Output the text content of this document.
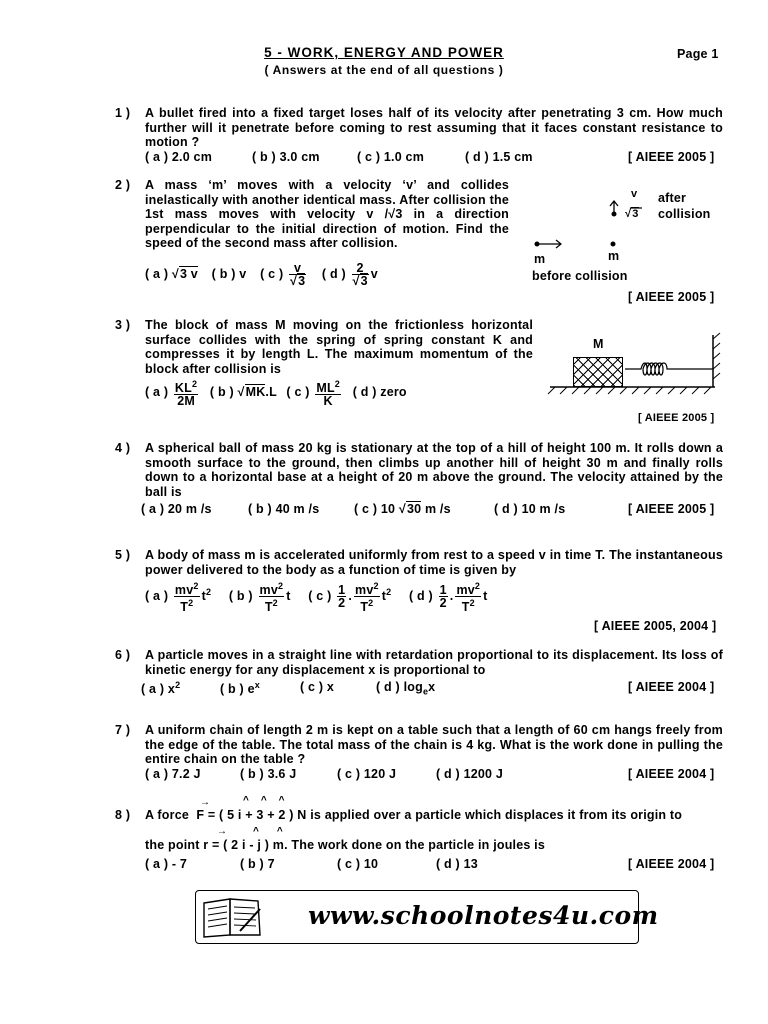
5 - WORK, ENERGY AND POWER
( Answers at the end of all questions )
Page 1
1 ) A bullet fired into a fixed target loses half of its velocity after penetrating 3 cm. How much further will it penetrate before coming to rest assuming that it faces constant resistance to motion ?
( a ) 2.0 cm	( b ) 3.0 cm	( c ) 1.0 cm	( d ) 1.5 cm	[ AIEEE 2005 ]
2 ) A mass ‘m’ moves with a velocity ‘v’ and collides inelastically with another identical mass. After collision the 1st mass moves with velocity v /√3 in a direction perpendicular to the initial direction of motion. Find the speed of the second mass after collision.
( a ) √3 v ( b ) v ( c ) $\frac{v}{√3}$ ( d ) $\frac{2}{√3}$ v
v
√3
after
collision
m	m
before collision
[ AIEEE 2005 ]
3 ) The block of mass M moving on the frictionless horizontal surface collides with the spring of spring constant K and compresses it by length L. The maximum momentum of the block after collision is
( a ) $\frac{KL^2}{2M}$ ( b ) √MK.L ( c ) $\frac{ML^2}{K}$ ( d ) zero
M
[ AIEEE 2005 ]
4 ) A spherical ball of mass 20 kg is stationary at the top of a hill of height 100 m. It rolls down a smooth surface to the ground, then climbs up another hill of height 30 m and finally rolls down to a horizontal base at a height of 20 m above the ground. The velocity attained by the ball is
( a ) 20 m /s	( b ) 40 m /s	( c ) 10 √30 m /s	( d ) 10 m /s	[ AIEEE 2005 ]
5 ) A body of mass m is accelerated uniformly from rest to a speed v in time T. The instantaneous power delivered to the body as a function of time is given by
( a ) $\frac{mv^2}{T^2} t^2$ ( b ) $\frac{mv^2}{T^2}$ t ( c ) $\frac{1}{2}$ . $\frac{mv^2}{T^2} t^2$ ( d ) $\frac{1}{2}$ . $\frac{mv^2}{T^2}$ t
[ AIEEE 2005, 2004 ]
6 ) A particle moves in a straight line with retardation proportional to its displacement. Its loss of kinetic energy for any displacement x is proportional to
( a ) $x^2$	( b ) $e^x$	( c ) x	( d ) $\log_ex$	[ AIEEE 2004 ]
7 ) A uniform chain of length 2 m is kept on a table such that a length of 60 cm hangs freely from the edge of the table. The total mass of the chain is 4 kg. What is the work done in pulling the entire chain on the table ?
( a ) 7.2 J	( b ) 3.6 J	( c ) 120 J	( d ) 1200 J	[ AIEEE 2004 ]
8 ) A force F = ( 5 i + 3 + 2 ) N is applied over a particle which displaces it from its origin to
→	^^^
the point r = ( 2 i - j ) m. The work done on the particle in joules is
→	^^
( a ) - 7	( b ) 7	( c ) 10	( d ) 13	[ AIEEE 2004 ]
www.schoolnotes4u.com
